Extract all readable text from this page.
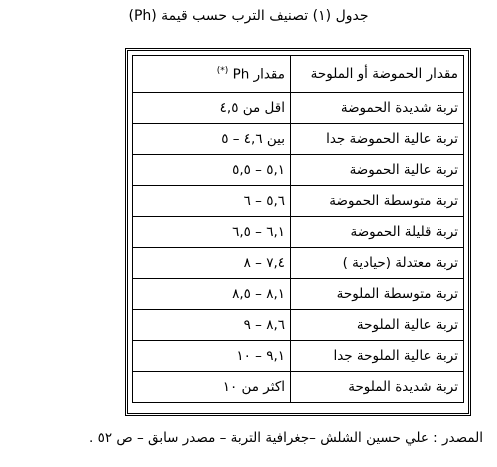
جدول (١) تصنيف الترب حسب قيمة (Ph)
مقدار الحموضة أو الملوحة	مقدار Ph (*)
تربة شديدة الحموضة	اقل من ٤,٥
تربة عالية الحموضة جدا	بين ٤,٦ – ٥
تربة عالية الحموضة	٥,١ – ٥,٥
تربة متوسطة الحموضة	٥,٦ – ٦
تربة قليلة الحموضة	٦,١ – ٦,٥
تربة معتدلة (حيادية )	٧,٤ – ٨
تربة متوسطة الملوحة	٨,١ – ٨,٥
تربة عالية الملوحة	٨,٦ – ٩
تربة عالية الملوحة جدا	٩,١ – ١٠
تربة شديدة الملوحة	اكثر من ١٠
المصدر : علي حسين الشلش –جغرافية التربة – مصدر سابق – ص ٥٢ .
